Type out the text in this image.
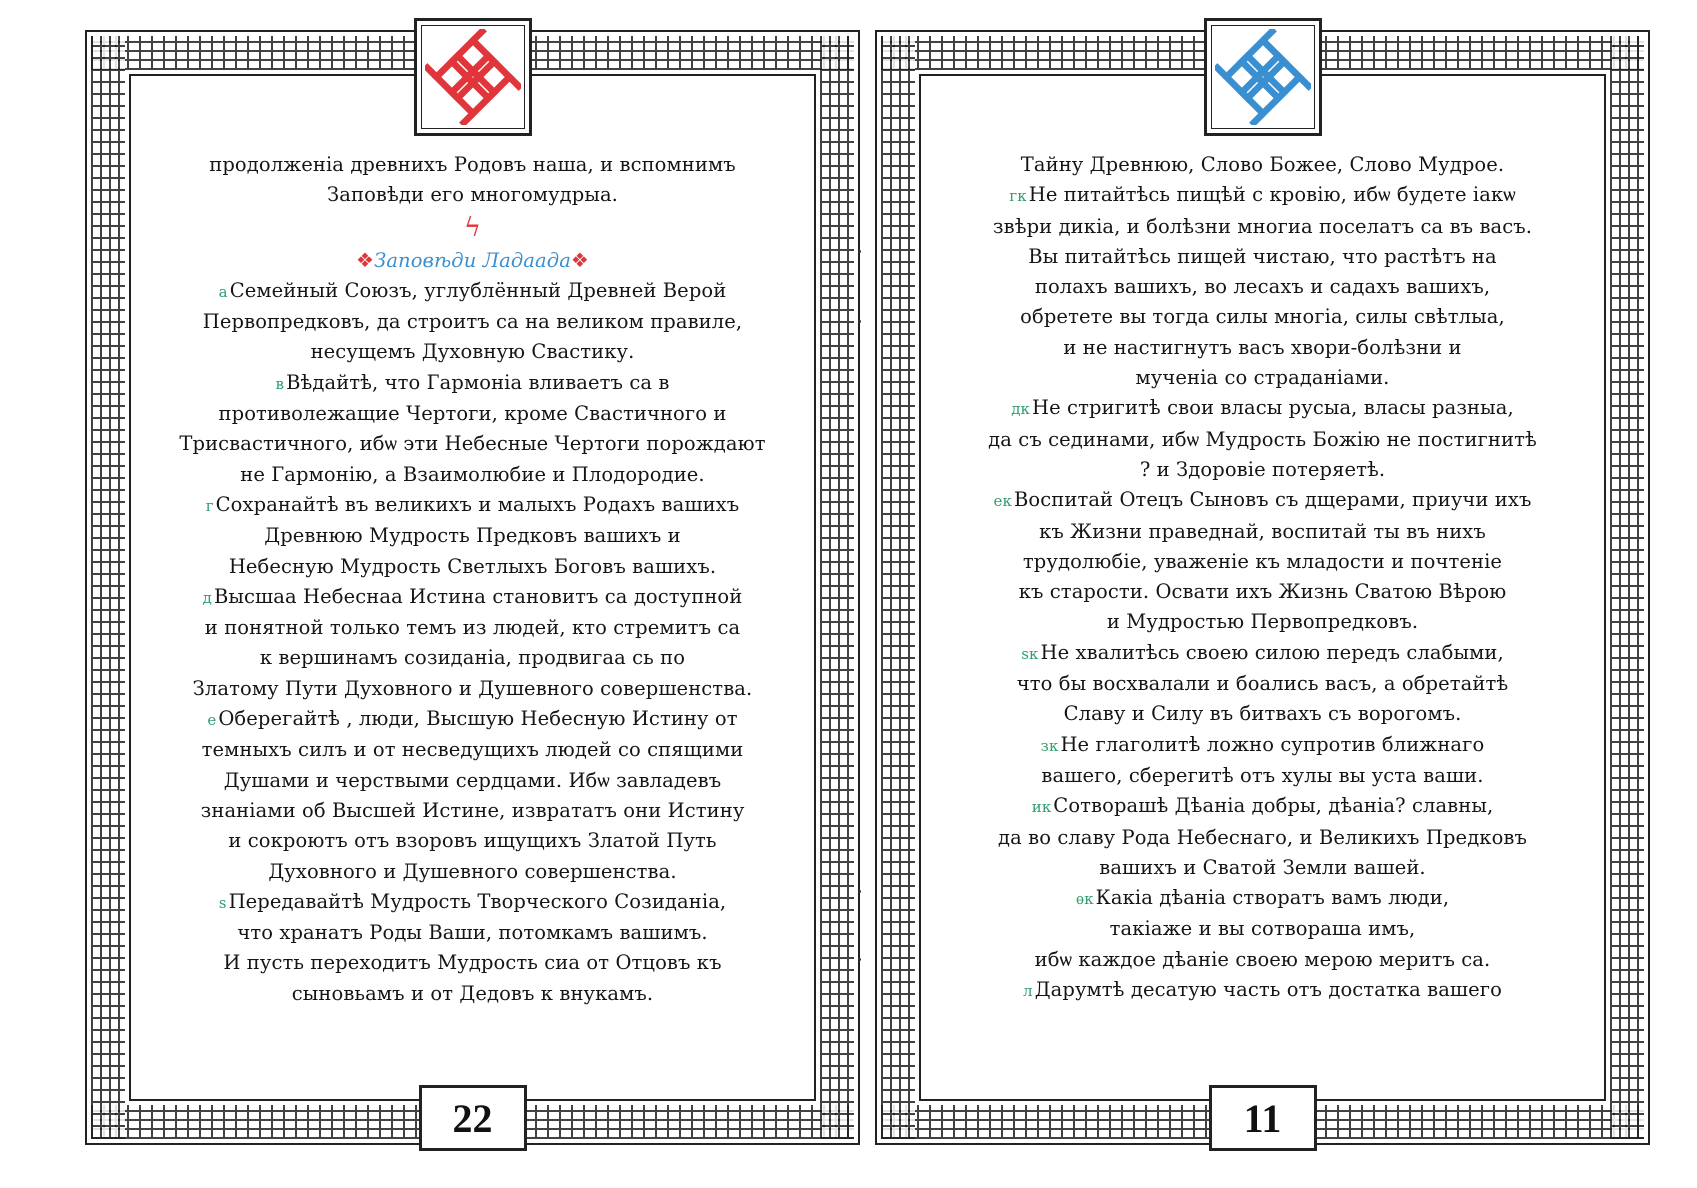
продолженіа древнихъ Родовъ наша, и вспомнимъ
Заповѣди его многомудрыа.
ϟ
❖Заповѣди Ладаада❖
а Семейный Союзъ, углублённый Древней Верой
Первопредковъ, да строитъ са на великом правиле,
несущемъ Духовную Свастику.
в Вѣдайтѣ, что Гармоніа вливаетъ са в
противолежащие Чертоги, кроме Свастичного и
Трисвастичного, ибѡ эти Небесные Чертоги порождают
не Гармонію, а Взаимолюбие и Плодородие.
г Сохранайтѣ въ великихъ и малыхъ Родахъ вашихъ
Древнюю Мудрость Предковъ вашихъ и
Небесную Мудрость Светлыхъ Боговъ вашихъ.
д Высшаа Небеснаа Истина становитъ са доступной
и понятной только темъ из людей, кто стремитъ са
к вершинамъ созиданіа, продвигаа сь по
Златому Пути Духовного и Душевного совершенства.
е Оберегайтѣ , люди, Высшую Небесную Истину от
темныхъ силъ и от несведущихъ людей со спящими
Душами и черствыми сердцами. Ибѡ завладевъ
знаніами об Высшей Истине, изврататъ они Истину
и сокроютъ отъ взоровъ ищущихъ Златой Путь
Духовного и Душевного совершенства.
ѕ Передавайтѣ Мудрость Творческого Созиданіа,
что хранатъ Роды Ваши, потомкамъ вашимъ.
И пусть переходитъ Мудрость сиа от Отцовъ къ
сыновьамъ и от Дедовъ к внукамъ.
22
Тайну Древнюю, Слово Божее, Слово Мудрое.
гк Не питайтѣсь пищѣй с кровію, ибѡ будете іакѡ
звѣри дикіа, и болѣзни многиа поселатъ са въ васъ.
Вы питайтѣсь пищей чистаю, что растѣтъ на
полахъ вашихъ, во лесахъ и садахъ вашихъ,
обретете вы тогда силы многіа, силы свѣтлыа,
и не настигнутъ васъ хвори-болѣзни и
мученіа со страданіами.
дк Не стригитѣ свои власы русыа, власы разныа,
да съ сединами, ибѡ Мудрость Божію не постигнитѣ
? и Здоровіе потеряетѣ.
ек Воспитай Отецъ Сыновъ съ дщерами, приучи ихъ
къ Жизни праведнай, воспитай ты въ нихъ
трудолюбіе, уваженіе къ младости и почтеніе
къ старости. Освати ихъ Жизнь Сватою Вѣрою
и Мудростью Первопредковъ.
ѕк Не хвалитѣсь своею силою передъ слабыми,
что бы восхвалали и боались васъ, а обретайтѣ
Славу и Силу въ битвахъ съ ворогомъ.
зк Не глаголитѣ ложно супротив ближнаго
вашего, сберегитѣ отъ хулы вы уста ваши.
ик Сотворашѣ Дѣаніа добры, дѣаніа? славны,
да во славу Рода Небеснаго, и Великихъ Предковъ
вашихъ и Сватой Земли вашей.
ѳк Какіа дѣаніа створатъ вамъ люди,
такіаже и вы сотвораша имъ,
ибѡ каждое дѣаніе своею мерою меритъ са.
л Дарумтѣ десатую часть отъ достатка вашего
11
